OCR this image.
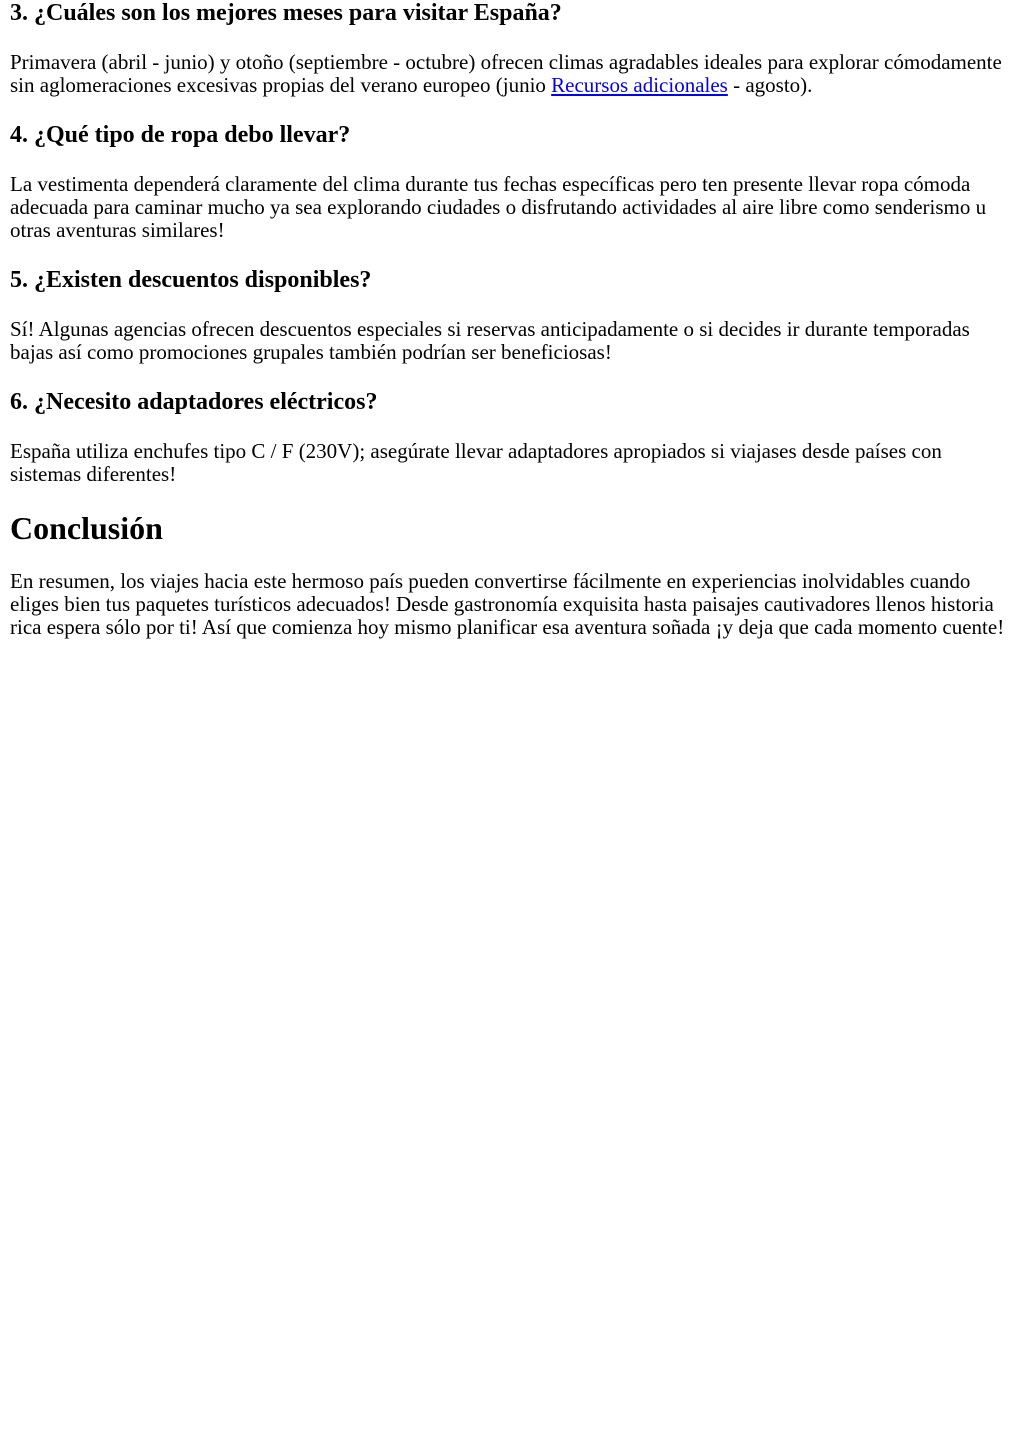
3. ¿Cuáles son los mejores meses para visitar España?

Primavera (abril - junio) y otoño (septiembre - octubre) ofrecen climas agradables ideales para explorar cómodamente sin aglomeraciones excesivas propias del verano europeo (junio Recursos adicionales - agosto).

4. ¿Qué tipo de ropa debo llevar?

La vestimenta dependerá claramente del clima durante tus fechas específicas pero ten presente llevar ropa cómoda adecuada para caminar mucho ya sea explorando ciudades o disfrutando actividades al aire libre como senderismo u otras aventuras similares!

5. ¿Existen descuentos disponibles?

Sí! Algunas agencias ofrecen descuentos especiales si reservas anticipadamente o si decides ir durante temporadas bajas así como promociones grupales también podrían ser beneficiosas!

6. ¿Necesito adaptadores eléctricos?

España utiliza enchufes tipo C / F (230V); asegúrate llevar adaptadores apropiados si viajases desde países con sistemas diferentes!

Conclusión

En resumen, los viajes hacia este hermoso país pueden convertirse fácilmente en experiencias inolvidables cuando eliges bien tus paquetes turísticos adecuados! Desde gastronomía exquisita hasta paisajes cautivadores llenos historia rica espera sólo por ti! Así que comienza hoy mismo planificar esa aventura soñada ¡y deja que cada momento cuente!
